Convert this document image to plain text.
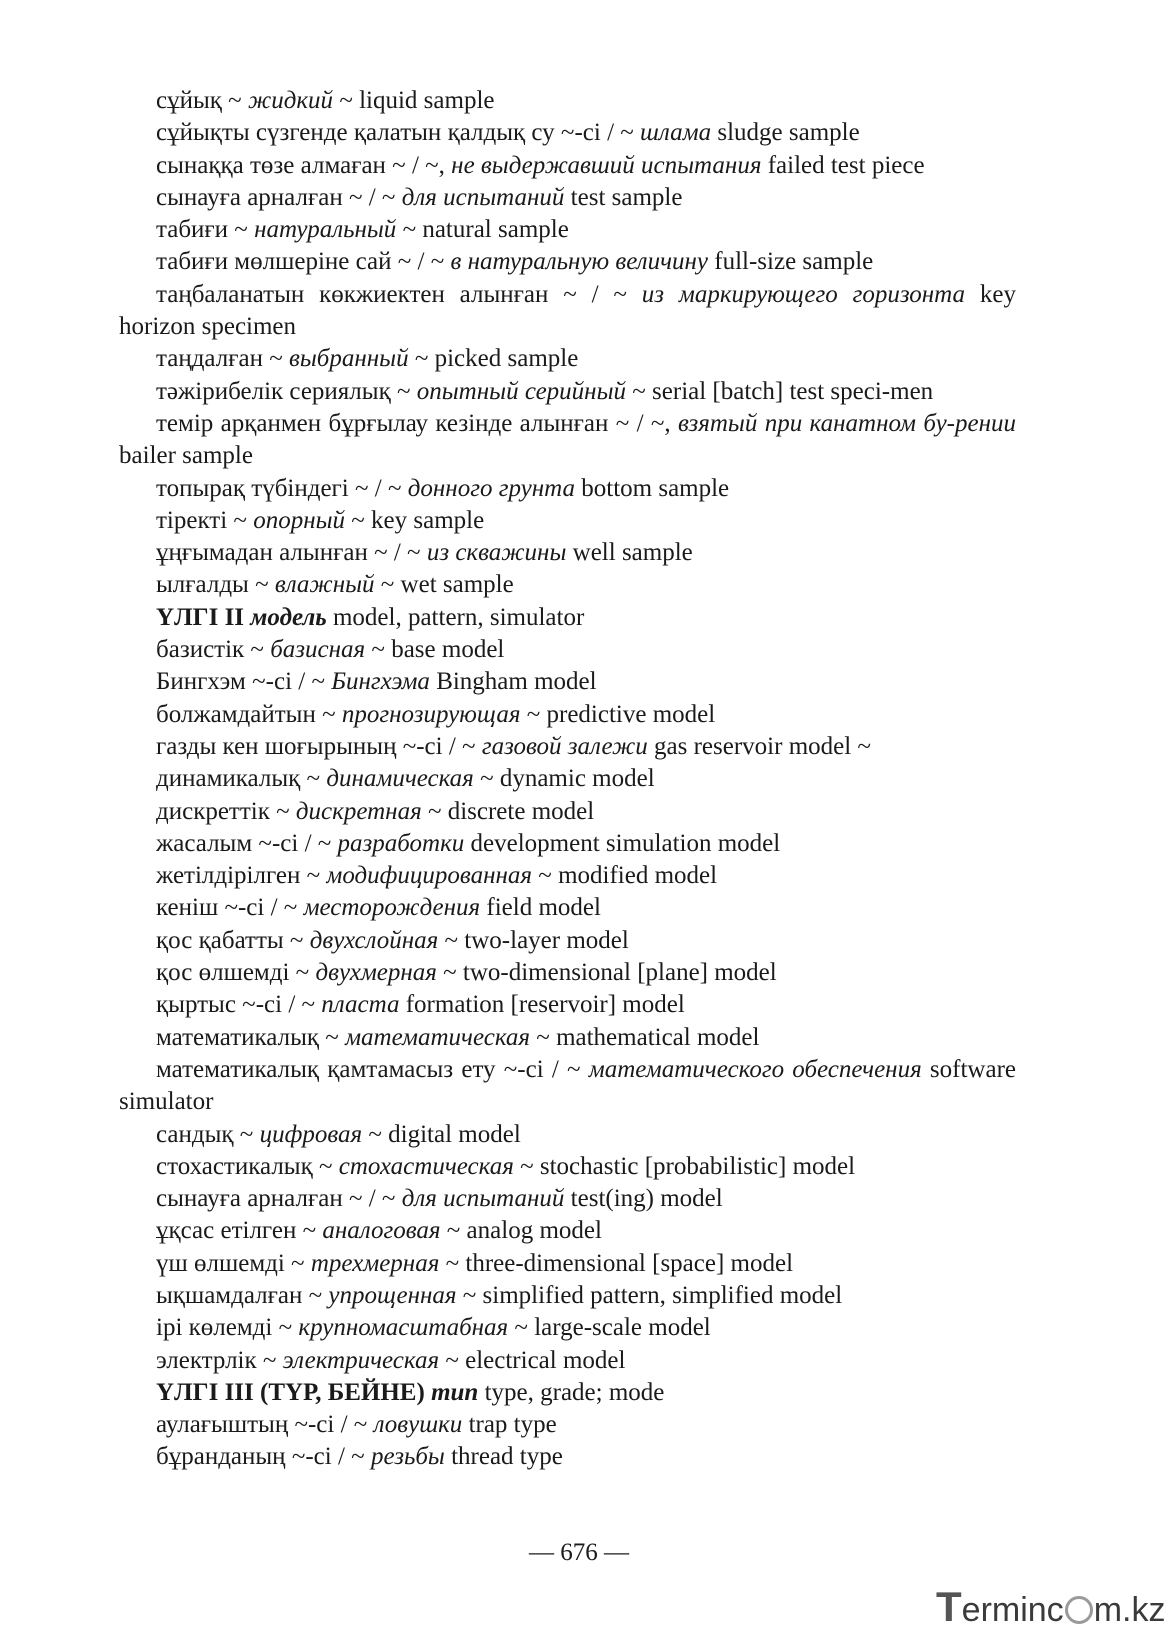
сұйық ~ жидкий ~ liquid sample
сұйықты сүзгенде қалатын қалдық су ~-сі / ~ шлама sludge sample
сынаққа төзе алмаған ~ / ~, не выдержавший испытания failed test piece
сынауға арналған ~ / ~ для испытаний test sample
табиғи ~ натуральный ~ natural sample
табиғи мөлшеріне сай ~ / ~ в натуральную величину full-size sample
таңбаланатын көкжиектен алынған ~ / ~ из маркирующего горизонта key horizon specimen
таңдалған ~ выбранный ~ picked sample
тәжірибелік сериялық ~ опытный серийный ~ serial [batch] test speci-men
темір арқанмен бұрғылау кезінде алынған ~ / ~, взятый при канатном бу-рении bailer sample
топырақ түбіндегі ~ / ~ донного грунта bottom sample
тіректі ~ опорный ~ key sample
ұңғымадан алынған ~ / ~ из скважины well sample
ылғалды ~ влажный ~ wet sample
ҮЛГІ II модель model, pattern, simulator
базистік ~ базисная ~ base model
Бингхэм ~-сі / ~ Бингхэма Bingham model
болжамдайтын ~ прогнозирующая ~ predictive model
газды кен шоғырының ~-сі / ~ газовой залежи gas reservoir model ~
динамикалық ~ динамическая ~ dynamic model
дискреттік ~ дискретная ~ discrete model
жасалым ~-сі / ~ разработки development simulation model
жетілдірілген ~ модифицированная ~ modified model
кеніш ~-сі / ~ месторождения field model
қос қабатты ~ двухслойная ~ two-layer model
қос өлшемді ~ двухмерная ~ two-dimensional [plane] model
қыртыс ~-сі / ~ пласта formation [reservoir] model
математикалық ~ математическая ~ mathematical model
математикалық қамтамасыз ету ~-сі / ~ математического обеспечения software simulator
сандық ~ цифровая ~ digital model
стохастикалық ~ стохастическая ~ stochastic [probabilistic] model
сынауға арналған ~ / ~ для испытаний test(ing) model
ұқсас етілген ~ аналоговая ~ analog model
үш өлшемді ~ трехмерная ~ three-dimensional [space] model
ықшамдалған ~ упрощенная ~ simplified pattern, simplified model
ірі көлемді ~ крупномасштабная ~ large-scale model
электрлік ~ электрическая ~ electrical model
ҮЛГІ III (ТҮР, БЕЙНЕ) тип type, grade; mode
аулағыштың ~-сі / ~ ловушки trap type
бұранданың ~-сі / ~ резьбы thread type
— 676 —
Terminc m.kz
